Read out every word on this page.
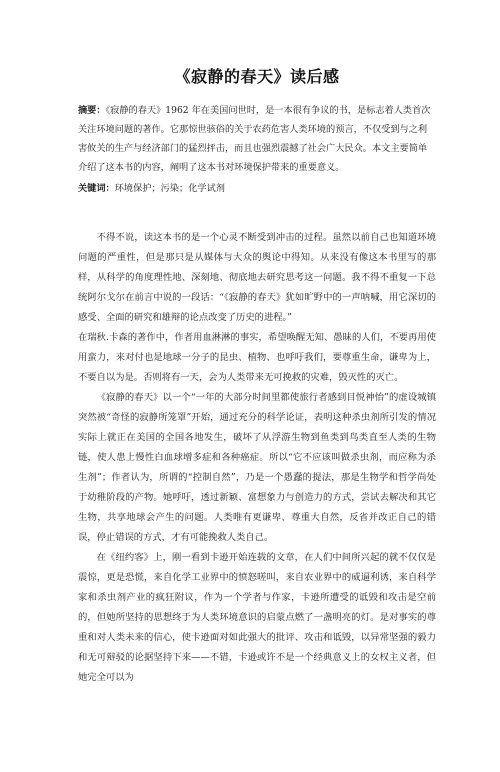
《寂静的春天》读后感

摘要：《寂静的春天》1962 年在美国问世时，是一本很有争议的书，是标志着人类首次关注环境问题的著作。它那惊世骇俗的关于农药危害人类环境的预言，不仅受到与之利害攸关的生产与经济部门的猛烈抨击，而且也强烈震撼了社会广大民众。本文主要简单介绍了这本书的内容，阐明了这本书对环境保护带来的重要意义。

关键词：环境保护；污染；化学试剂

不得不说，读这本书的是一个心灵不断受到冲击的过程。虽然以前自己也知道环境问题的严重性，但是那只是从媒体与大众的舆论中得知。从来没有像这本书里写的那样，从科学的角度理性地、深刻地、彻底地去研究思考这一问题。我不得不重复一下总统阿尔戈尔在前言中说的一段话：“《寂静的春天》犹如旷野中的一声呐喊，用它深切的感受、全面的研究和雄辩的论点改变了历史的进程。”

在瑞秋.卡森的著作中，作者用血淋淋的事实，希望唤醒无知、愚昧的人们，不要再用使用蛮力，来对付也是地球一分子的昆虫、植物、也呼吁我们，要尊重生命，谦卑为上，不要自以为是。否则将有一天，会为人类带来无可挽救的灾难，毁灭性的灭亡。

《寂静的春天》以一个“一年的大部分时间里都使旅行者感到目悦神怡”的虚设城镇突然被“奇怪的寂静所笼罩”开始，通过充分的科学论证，表明这种杀虫剂所引发的情况实际上就正在美国的全国各地发生，破坏了从浮游生物到鱼类到鸟类直至人类的生物链，使人患上慢性白血球增多症和各种癌症。所以“它不应该叫做杀虫剂，而应称为杀生剂”；作者认为，所谓的“控制自然”，乃是一个愚蠢的提法，那是生物学和哲学尚处于幼稚阶段的产物。她呼吁，透过新颖、富想象力与创造力的方式，尝试去解决和其它生物，共享地球会产生的问题。人类唯有更谦卑、尊重大自然，反省并改正自己的错误，停止错误的方式，才有可能挽救人类自己。

在《纽约客》上，刚一看到卡逊开始连载的文章，在人们中间所兴起的就不仅仅是震惊，更是恐慌，来自化学工业界中的愤怒嗟叫，来自农业界中的威逼利诱，来自科学家和杀虫剂产业的疯狂附议，作为一个学者与作家，卡逊所遭受的诋毁和攻击是空前的，但她所坚持的思想终于为人类环境意识的启蒙点燃了一盏明亮的灯。是对事实的尊重和对人类未来的信心，使卡逊面对如此强大的批评、攻击和诋毁，以异常坚强的毅力和无可辩驳的论据坚持下来——不错，卡逊或许不是一个经典意义上的女权主义者，但她完全可以为
